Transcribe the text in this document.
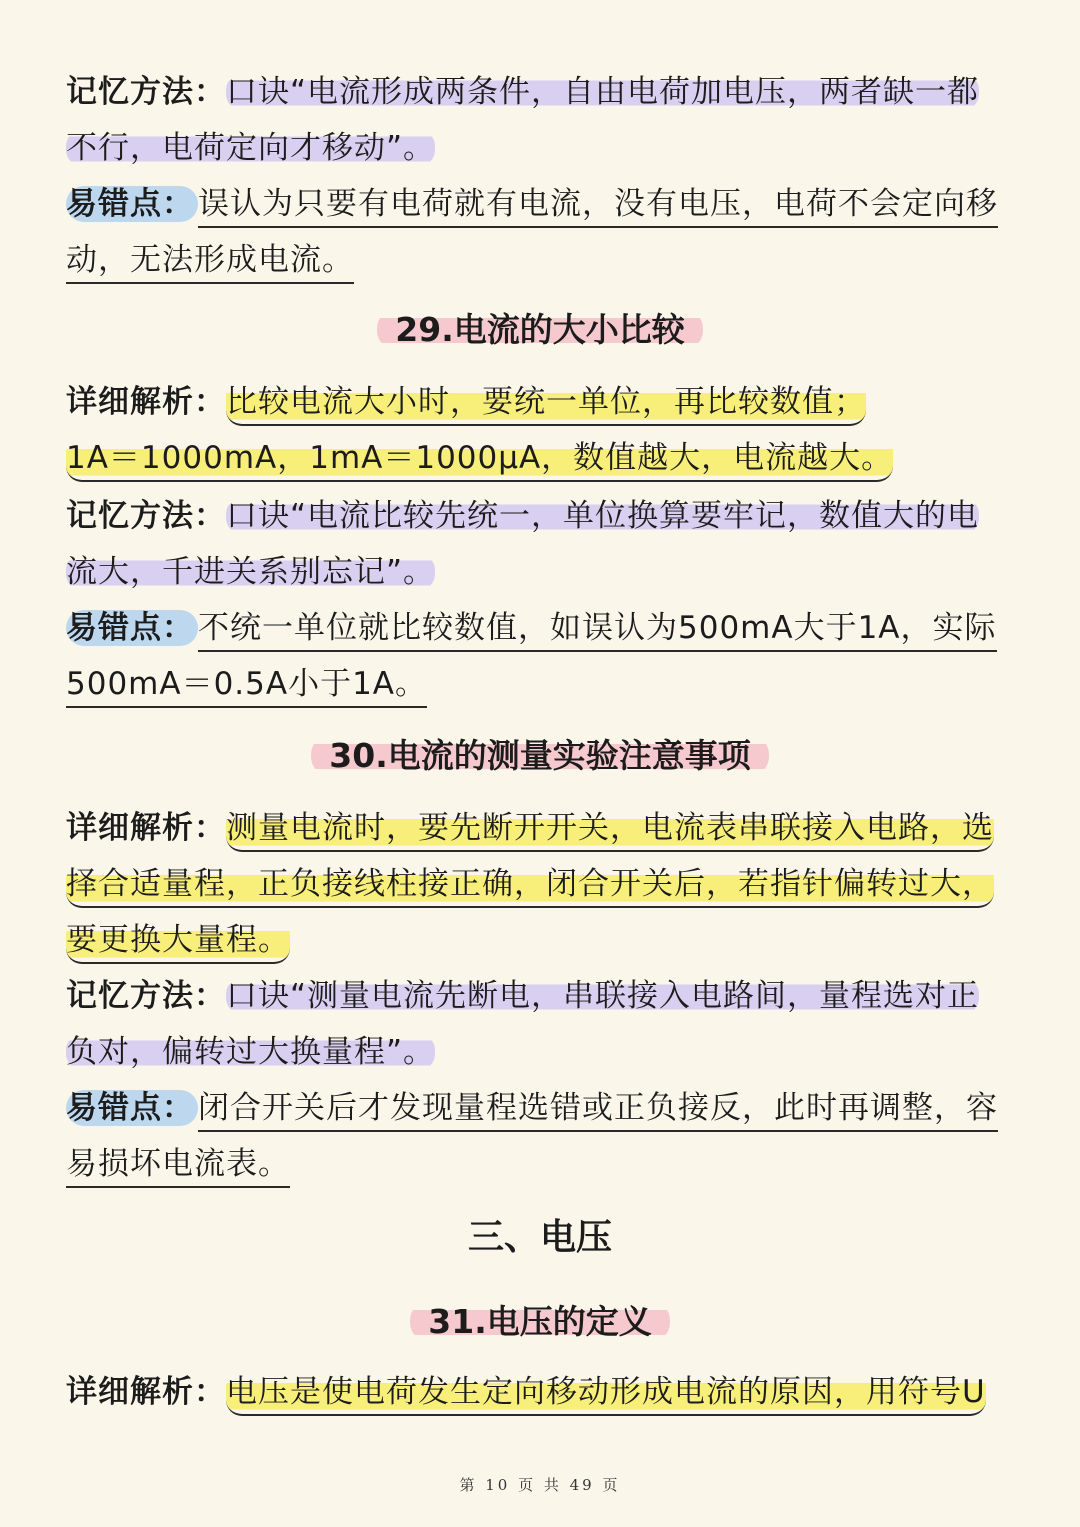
记忆方法：口诀“电流形成两条件，自由电荷加电压，两者缺一都
不行，电荷定向才移动”。
易错点： 误认为只要有电荷就有电流，没有电压，电荷不会定向移
动，无法形成电流。
29.电流的大小比较
详细解析：比较电流大小时，要统一单位，再比较数值；
1A＝1000mA，1mA＝1000μA，数值越大，电流越大。
记忆方法：口诀“电流比较先统一，单位换算要牢记，数值大的电
流大，千进关系别忘记”。
易错点： 不统一单位就比较数值，如误认为500mA大于1A，实际
500mA＝0.5A小于1A。
30.电流的测量实验注意事项
详细解析：测量电流时，要先断开开关，电流表串联接入电路，选
择合适量程，正负接线柱接正确，闭合开关后，若指针偏转过大，
要更换大量程。
记忆方法：口诀“测量电流先断电，串联接入电路间，量程选对正
负对，偏转过大换量程”。
易错点： 闭合开关后才发现量程选错或正负接反，此时再调整，容
易损坏电流表。
三、电压
31.电压的定义
详细解析：电压是使电荷发生定向移动形成电流的原因，用符号U
第 10 页 共 49 页
